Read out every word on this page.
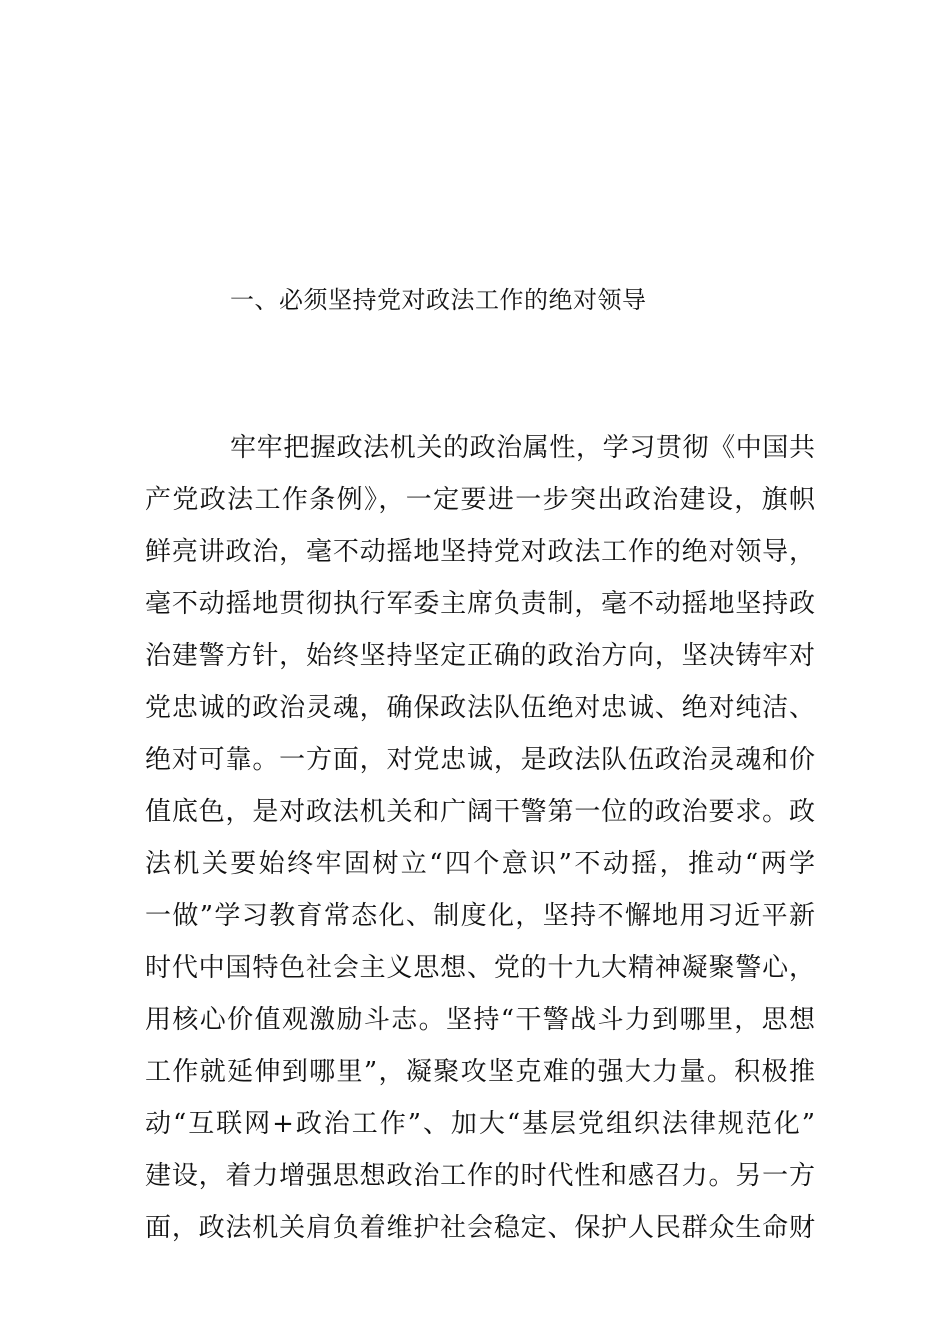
一、必须坚持党对政法工作的绝对领导
牢牢把握政法机关的政治属性，学习贯彻《中国共
产党政法工作条例》，一定要进一步突出政治建设，旗帜
鲜亮讲政治，毫不动摇地坚持党对政法工作的绝对领导，
毫不动摇地贯彻执行军委主席负责制，毫不动摇地坚持政
治建警方针，始终坚持坚定正确的政治方向，坚决铸牢对
党忠诚的政治灵魂，确保政法队伍绝对忠诚、绝对纯洁、
绝对可靠。一方面，对党忠诚，是政法队伍政治灵魂和价
值底色，是对政法机关和广阔干警第一位的政治要求。政
法机关要始终牢固树立“四个意识”不动摇，推动“两学
一做”学习教育常态化、制度化，坚持不懈地用习近平新
时代中国特色社会主义思想、党的十九大精神凝聚警心，
用核心价值观激励斗志。坚持“干警战斗力到哪里，思想
工作就延伸到哪里”，凝聚攻坚克难的强大力量。积极推
动“互联网+政治工作”、加大“基层党组织法律规范化”
建设，着力增强思想政治工作的时代性和感召力。另一方
面，政法机关肩负着维护社会稳定、保护人民群众生命财
